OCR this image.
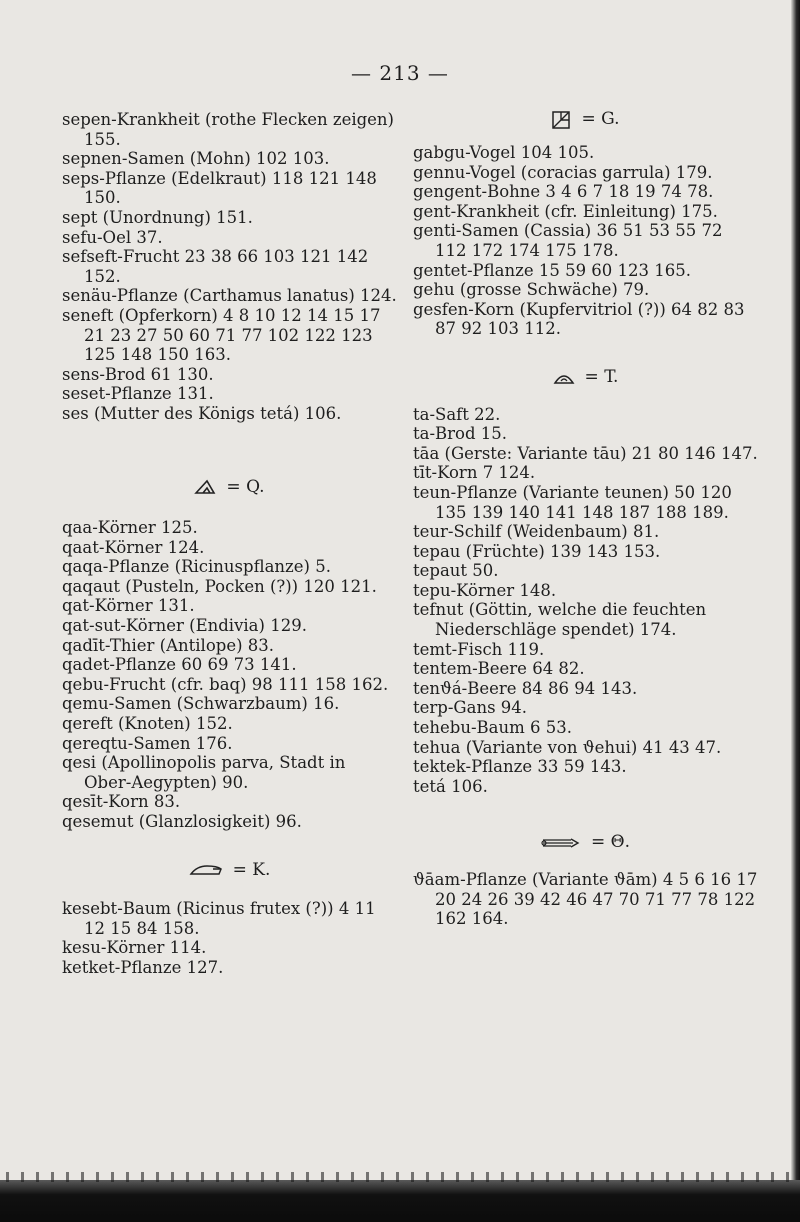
— 213 —

sepen-Krankheit (rothe Flecken zeigen) 155.

sepnen-Samen (Mohn) 102 103.

seps-Pflanze (Edelkraut) 118 121 148 150.

sept (Unordnung) 151.

sefu-Oel 37.

sefseft-Frucht 23 38 66 103 121 142 152.

senäu-Pflanze (Carthamus lanatus) 124.

seneft (Opferkorn) 4 8 10 12 14 15 17 21 23 27 50 60 71 77 102 122 123 125 148 150 163.

sens-Brod 61 130.

seset-Pflanze 131.

ses (Mutter des Königs tetá) 106.

= Q.

qaa-Körner 125.

qaat-Körner 124.

qaqa-Pflanze (Ricinuspflanze) 5.

qaqaut (Pusteln, Pocken (?)) 120 121.

qat-Körner 131.

qat-sut-Körner (Endivia) 129.

qadīt-Thier (Antilope) 83.

qadet-Pflanze 60 69 73 141.

qebu-Frucht (cfr. baq) 98 111 158 162.

qemu-Samen (Schwarzbaum) 16.

qereft (Knoten) 152.

qereqtu-Samen 176.

qesi (Apollinopolis parva, Stadt in Ober-Aegypten) 90.

qesīt-Korn 83.

qesemut (Glanzlosigkeit) 96.

= K.

kesebt-Baum (Ricinus frutex (?)) 4 11 12 15 84 158.

kesu-Körner 114.

ketket-Pflanze 127.

= G.

gabgu-Vogel 104 105.

gennu-Vogel (coracias garrula) 179.

gengent-Bohne 3 4 6 7 18 19 74 78.

gent-Krankheit (cfr. Einleitung) 175.

genti-Samen (Cassia) 36 51 53 55 72 112 172 174 175 178.

gentet-Pflanze 15 59 60 123 165.

gehu (grosse Schwäche) 79.

gesfen-Korn (Kupfervitriol (?)) 64 82 83 87 92 103 112.

= T.

ta-Saft 22.

ta-Brod 15.

tāa (Gerste: Variante tāu) 21 80 146 147.

tīt-Korn 7 124.

teun-Pflanze (Variante teunen) 50 120 135 139 140 141 148 187 188 189.

teur-Schilf (Weidenbaum) 81.

tepau (Früchte) 139 143 153.

tepaut 50.

tepu-Körner 148.

tefnut (Göttin, welche die feuchten Niederschläge spendet) 174.

temt-Fisch 119.

tentem-Beere 64 82.

tenϑá-Beere 84 86 94 143.

terp-Gans 94.

tehebu-Baum 6 53.

tehua (Variante von ϑehui) 41 43 47.

tektek-Pflanze 33 59 143.

tetá 106.

= Θ.

ϑāam-Pflanze (Variante ϑām) 4 5 6 16 17 20 24 26 39 42 46 47 70 71 77 78 122 162 164.
